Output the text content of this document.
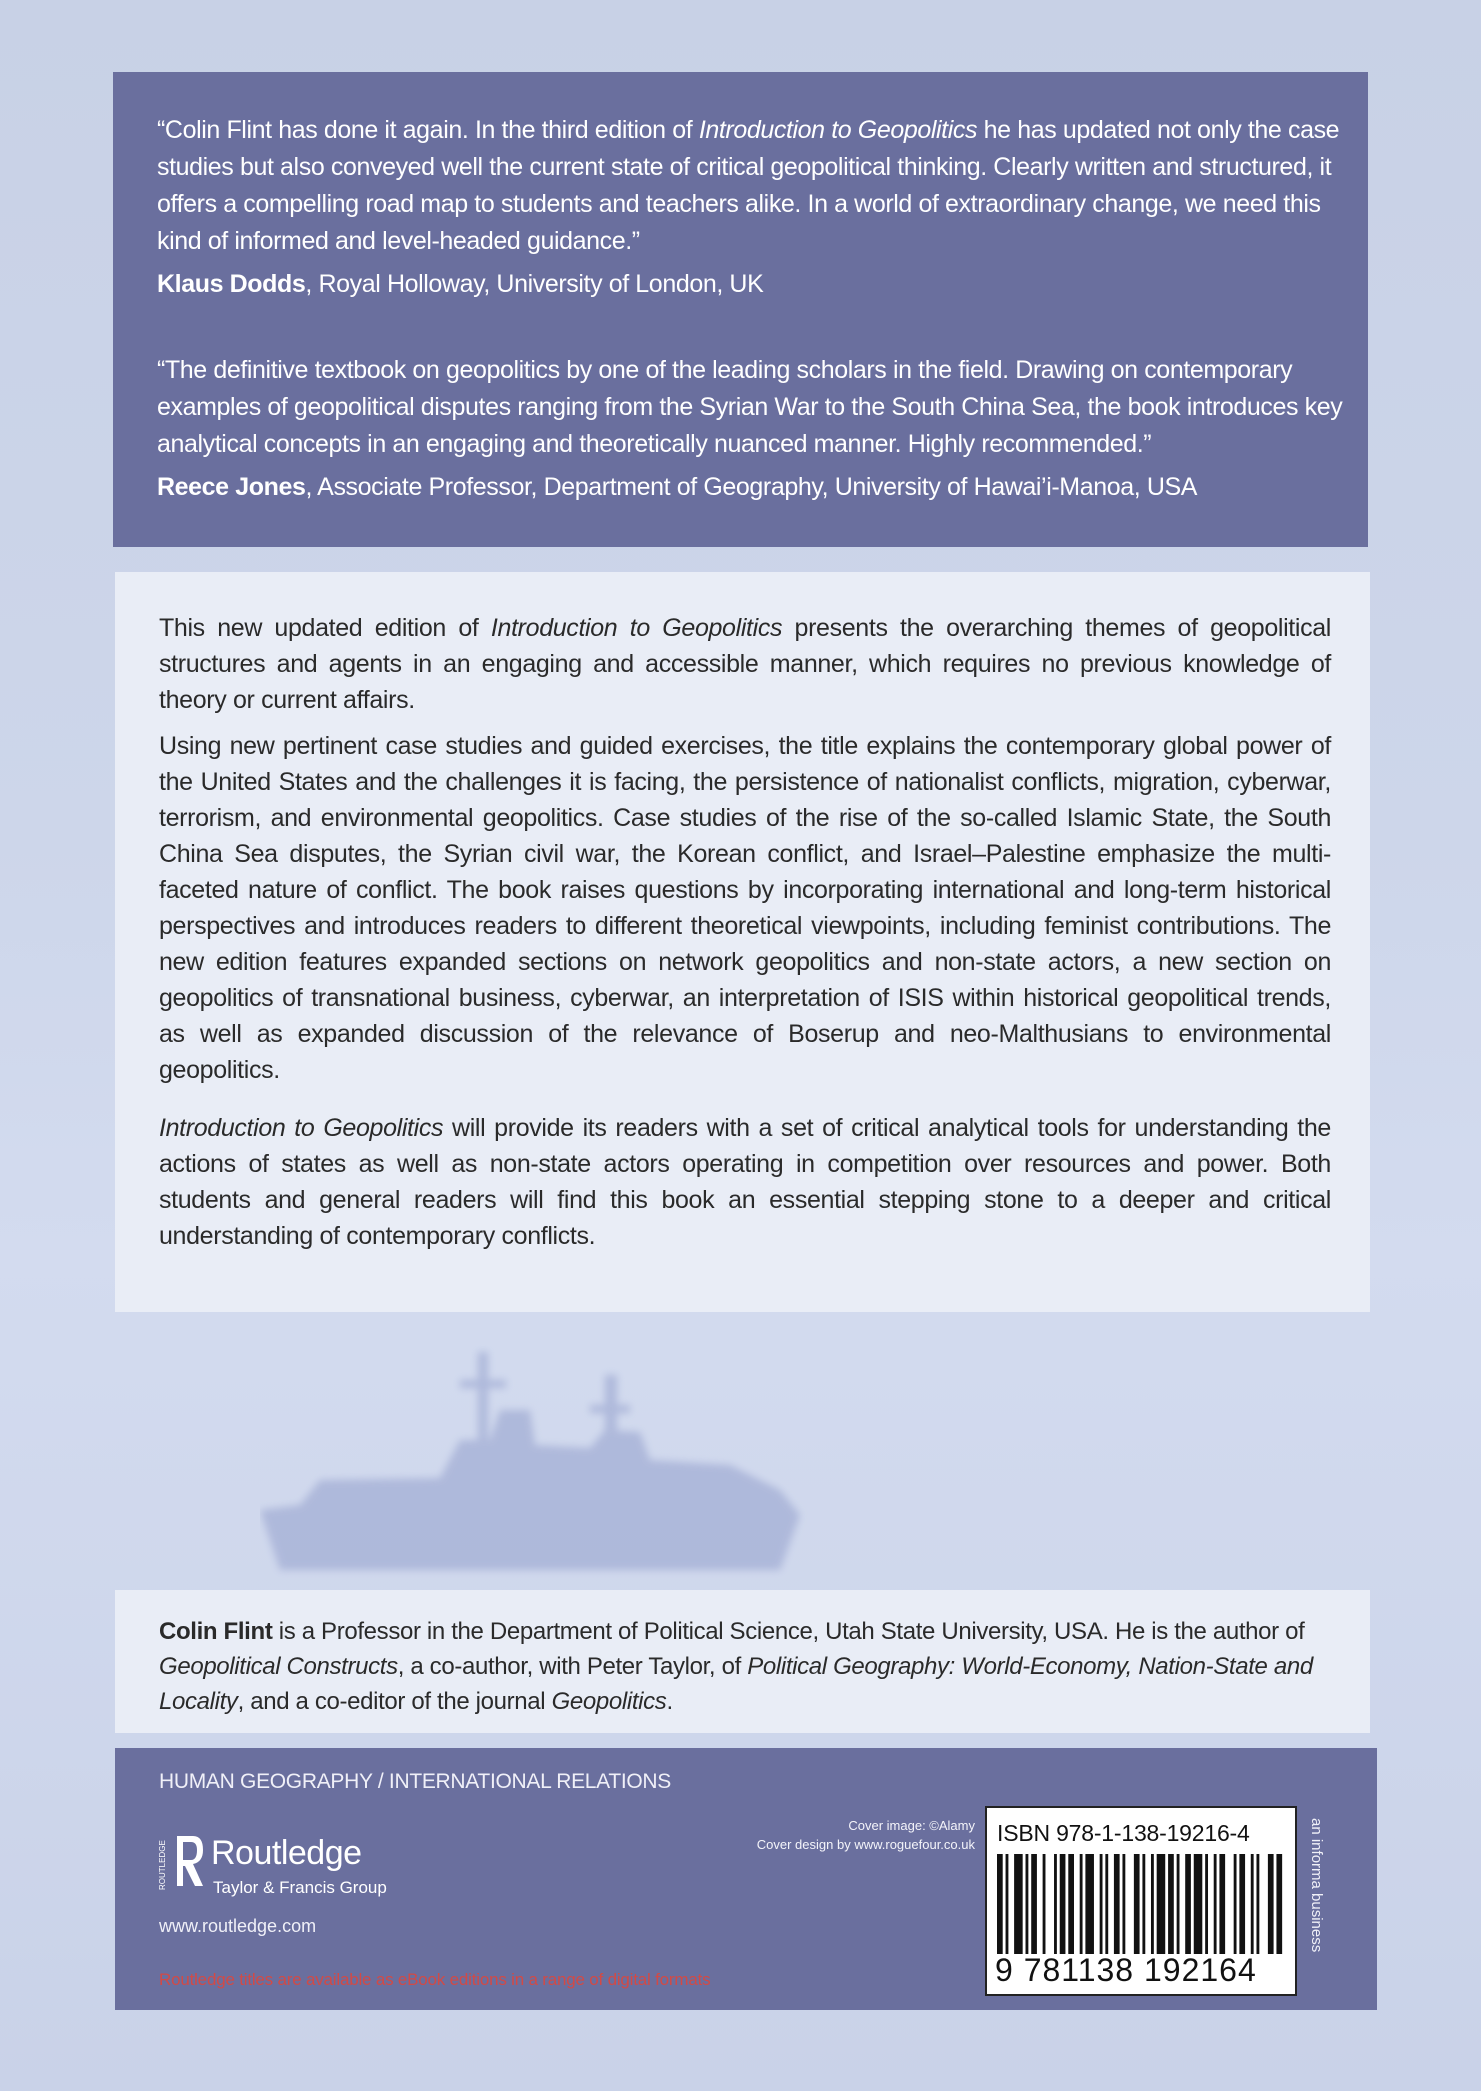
“Colin Flint has done it again. In the third edition of Introduction to Geopolitics he has updated not only the case studies but also conveyed well the current state of critical geopolitical thinking. Clearly written and structured, it offers a compelling road map to students and teachers alike. In a world of extraordinary change, we need this kind of informed and level-headed guidance.”

Klaus Dodds, Royal Holloway, University of London, UK

“The definitive textbook on geopolitics by one of the leading scholars in the field. Drawing on contemporary examples of geopolitical disputes ranging from the Syrian War to the South China Sea, the book introduces key analytical concepts in an engaging and theoretically nuanced manner. Highly recommended.”

Reece Jones, Associate Professor, Department of Geography, University of Hawai’i-Manoa, USA

This new updated edition of Introduction to Geopolitics presents the overarching themes of geopolitical structures and agents in an engaging and accessible manner, which requires no previous knowledge of theory or current affairs.

Using new pertinent case studies and guided exercises, the title explains the contemporary global power of the United States and the challenges it is facing, the persistence of nationalist conflicts, migration, cyberwar, terrorism, and environmental geopolitics. Case studies of the rise of the so-called Islamic State, the South China Sea disputes, the Syrian civil war, the Korean conflict, and Israel–Palestine emphasize the multi-faceted nature of conflict. The book raises questions by incorporating international and long-term historical perspectives and introduces readers to different theoretical viewpoints, including feminist contributions. The new edition features expanded sections on network geopolitics and non-state actors, a new section on geopolitics of transnational business, cyberwar, an interpretation of ISIS within historical geopolitical trends, as well as expanded discussion of the relevance of Boserup and neo-Malthusians to environmental geopolitics.

Introduction to Geopolitics will provide its readers with a set of critical analytical tools for understanding the actions of states as well as non-state actors operating in competition over resources and power. Both students and general readers will find this book an essential stepping stone to a deeper and critical understanding of contemporary conflicts.

Colin Flint is a Professor in the Department of Political Science, Utah State University, USA. He is the author of Geopolitical Constructs, a co-author, with Peter Taylor, of Political Geography: World-Economy, Nation-State and Locality, and a co-editor of the journal Geopolitics.

HUMAN GEOGRAPHY / INTERNATIONAL RELATIONS
ROUTLEDGE Routledge
Taylor & Francis Group
www.routledge.com
Routledge titles are available as eBook editions in a range of digital formats
Cover image: ©Alamy
Cover design by www.roguefour.co.uk ISBN 978-1-138-19216-4
9 781138 192164
an informa business
